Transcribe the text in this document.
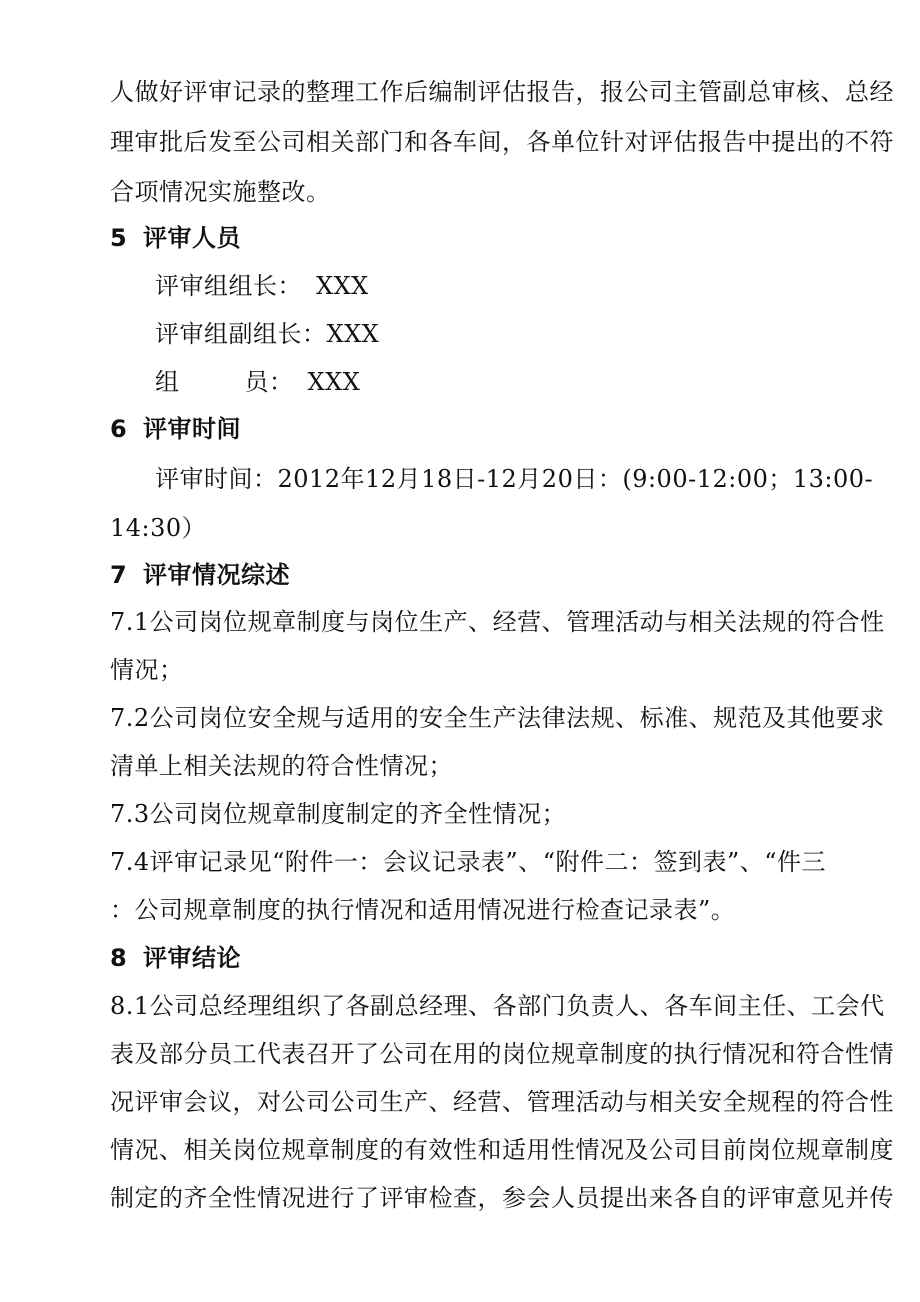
人做好评审记录的整理工作后编制评估报告，报公司主管副总审核、总经
理审批后发至公司相关部门和各车间，各单位针对评估报告中提出的不符
合项情况实施整改。
5 评审人员
评审组组长： XXX
评审组副组长：XXX
组        员： XXX
6 评审时间
评审时间：2012年12月18日-12月20日：(9:00-12:00；13:00-
14:30）
7 评审情况综述
7.1公司岗位规章制度与岗位生产、经营、管理活动与相关法规的符合性
情况；
7.2公司岗位安全规与适用的安全生产法律法规、标准、规范及其他要求
清单上相关法规的符合性情况；
7.3公司岗位规章制度制定的齐全性情况；
7.4评审记录见“附件一：会议记录表”、“附件二：签到表”、“件三
：公司规章制度的执行情况和适用情况进行检查记录表”。
8 评审结论
8.1公司总经理组织了各副总经理、各部门负责人、各车间主任、工会代
表及部分员工代表召开了公司在用的岗位规章制度的执行情况和符合性情
况评审会议，对公司公司生产、经营、管理活动与相关安全规程的符合性
情况、相关岗位规章制度的有效性和适用性情况及公司目前岗位规章制度
制定的齐全性情况进行了评审检查，参会人员提出来各自的评审意见并传
